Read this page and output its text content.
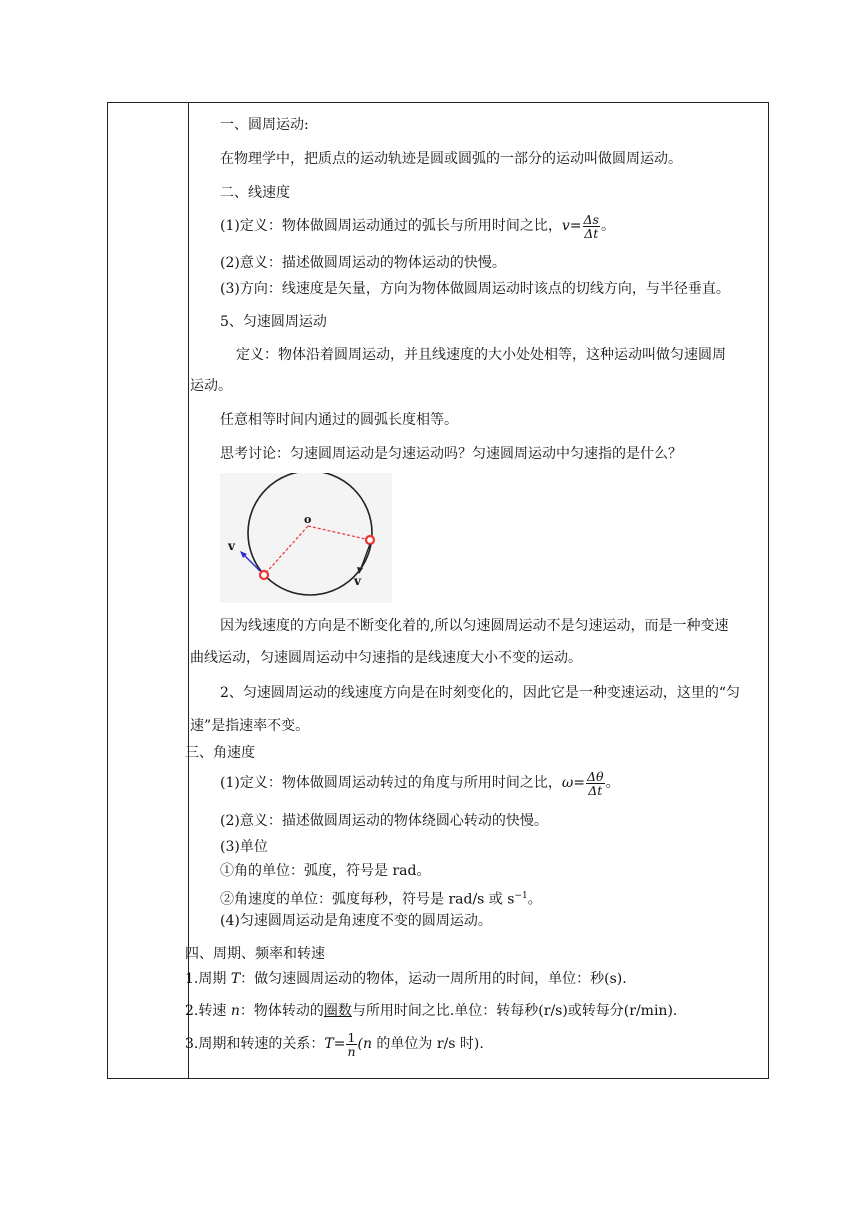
一、圆周运动:
在物理学中，把质点的运动轨迹是圆或圆弧的一部分的运动叫做圆周运动。
二、线速度
(1)定义：物体做圆周运动通过的弧长与所用时间之比，$v= \frac{\Delta s}{\Delta t}$ 。
(2)意义：描述做圆周运动的物体运动的快慢。
(3)方向：线速度是矢量，方向为物体做圆周运动时该点的切线方向，与半径垂直。
5、匀速圆周运动
定义：物体沿着圆周运动，并且线速度的大小处处相等，这种运动叫做匀速圆周
运动。
任意相等时间内通过的圆弧长度相等。
思考讨论：匀速圆周运动是匀速运动吗？匀速圆周运动中匀速指的是什么？
因为线速度的方向是不断变化着的,所以匀速圆周运动不是匀速运动，而是一种变速
曲线运动，匀速圆周运动中匀速指的是线速度大小不变的运动。
2、匀速圆周运动的线速度方向是在时刻变化的，因此它是一种变速运动，这里的“匀
速”是指速率不变。
三、角速度
(1)定义：物体做圆周运动转过的角度与所用时间之比，$\omega= \frac{\Delta\theta}{\Delta t}$ 。
(2)意义：描述做圆周运动的物体绕圆心转动的快慢。
(3)单位
①角的单位：弧度，符号是 rad。
②角速度的单位：弧度每秒，符号是 rad/s 或 $s^{-1}$。
(4)匀速圆周运动是角速度不变的圆周运动。
四、周期、频率和转速
1.周期 T：做匀速圆周运动的物体，运动一周所用的时间，单位：秒(s).
2.转速 n：物体转动的圈数与所用时间之比.单位：转每秒(r/s)或转每分(r/min).
3.周期和转速的关系：$T= \frac{1}{n} (n$ 的单位为 r/s 时).
o
v
v
